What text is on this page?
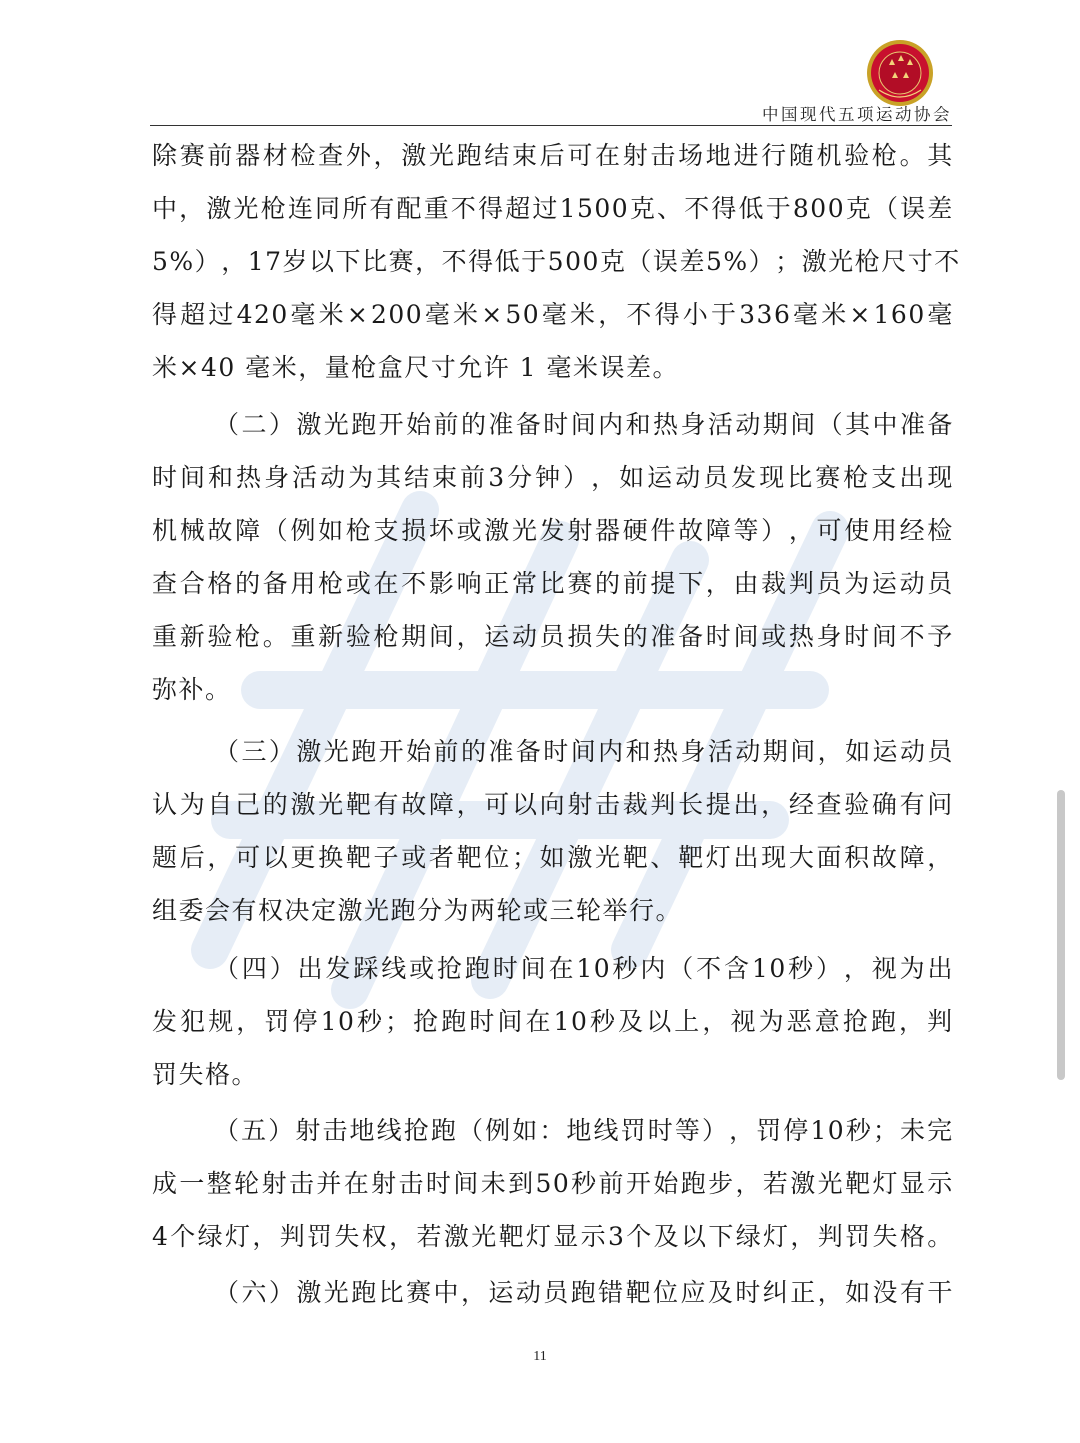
中国现代五项运动协会
除 赛 前 器 材 检 查 外 ， 激 光 跑 结 束 后 可 在 射 击 场 地 进 行 随 机 验 枪 。 其
中 ， 激 光 枪 连 同 所 有 配 重 不 得 超 过 1500 克 、 不 得 低 于 800 克 （ 误 差
5% ） ， 17 岁 以 下 比 赛 ， 不 得 低 于 500 克 （ 误 差 5% ） ； 激 光 枪 尺 寸 不
得 超 过 420 毫 米 × 200 毫 米 × 50 毫 米 ， 不 得 小 于 336 毫 米 × 160 毫
米×40 毫米，量枪盒尺寸允许 1 毫米误差。
（ 二 ） 激 光 跑 开 始 前 的 准 备 时 间 内 和 热 身 活 动 期 间 （ 其 中 准 备
时 间 和 热 身 活 动 为 其 结 束 前 3 分 钟 ） ， 如 运 动 员 发 现 比 赛 枪 支 出 现
机 械 故 障 （ 例 如 枪 支 损 坏 或 激 光 发 射 器 硬 件 故 障 等 ） ， 可 使 用 经 检
查 合 格 的 备 用 枪 或 在 不 影 响 正 常 比 赛 的 前 提 下 ， 由 裁 判 员 为 运 动 员
重 新 验 枪 。 重 新 验 枪 期 间 ， 运 动 员 损 失 的 准 备 时 间 或 热 身 时 间 不 予
弥补。
（ 三 ） 激 光 跑 开 始 前 的 准 备 时 间 内 和 热 身 活 动 期 间 ， 如 运 动 员
认 为 自 己 的 激 光 靶 有 故 障 ， 可 以 向 射 击 裁 判 长 提 出 ， 经 查 验 确 有 问
题 后 ， 可 以 更 换 靶 子 或 者 靶 位 ； 如 激 光 靶 、 靶 灯 出 现 大 面 积 故 障 ，
组委会有权决定激光跑分为两轮或三轮举行。
（ 四 ） 出 发 踩 线 或 抢 跑 时 间 在 10 秒 内 （ 不 含 10 秒 ） ， 视 为 出
发 犯 规 ， 罚 停 10 秒 ； 抢 跑 时 间 在 10 秒 及 以 上 ， 视 为 恶 意 抢 跑 ， 判
罚失格。
（ 五 ） 射 击 地 线 抢 跑 （ 例 如 ： 地 线 罚 时 等 ） ， 罚 停 10 秒 ； 未 完
成 一 整 轮 射 击 并 在 射 击 时 间 未 到 50 秒 前 开 始 跑 步 ， 若 激 光 靶 灯 显 示
4 个 绿 灯 ， 判 罚 失 权 ， 若 激 光 靶 灯 显 示 3 个 及 以 下 绿 灯 ， 判 罚 失 格 。
（ 六 ） 激 光 跑 比 赛 中 ， 运 动 员 跑 错 靶 位 应 及 时 纠 正 ， 如 没 有 干
11
